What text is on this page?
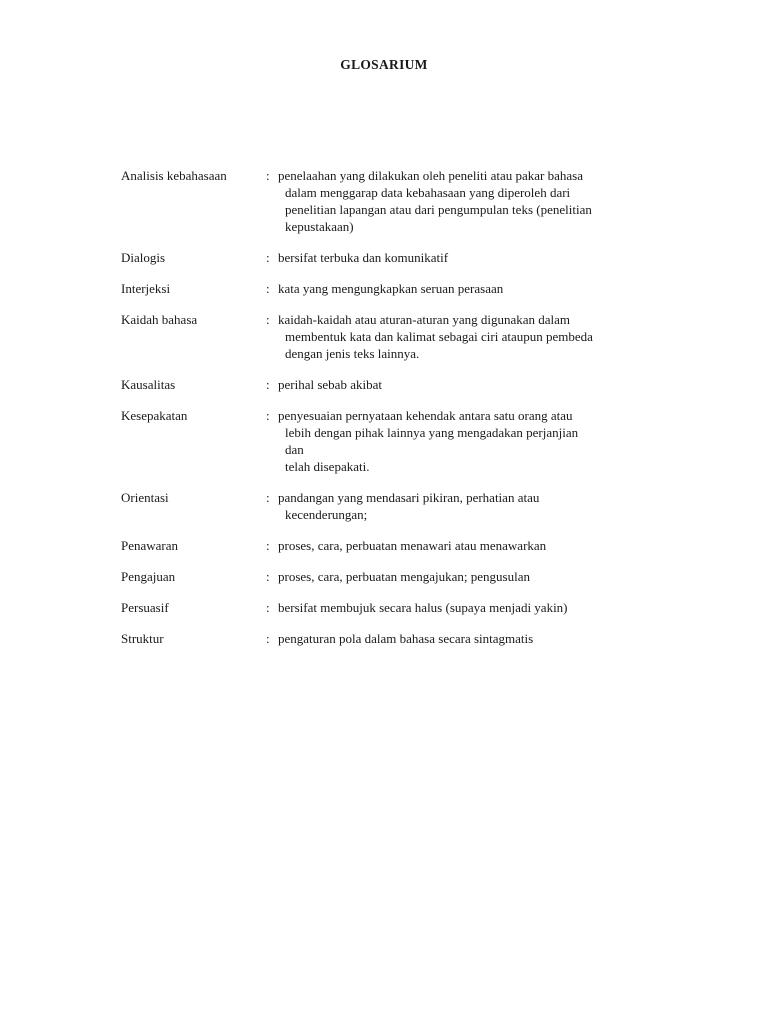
GLOSARIUM
Analisis kebahasaan	: penelaahan yang dilakukan oleh peneliti atau pakar bahasa
dalam menggarap data kebahasaan yang diperoleh dari
penelitian lapangan atau dari pengumpulan teks (penelitian
kepustakaan)
Dialogis	: bersifat terbuka dan komunikatif
Interjeksi	: kata yang mengungkapkan seruan perasaan
Kaidah bahasa	: kaidah-kaidah atau aturan-aturan yang digunakan dalam
membentuk kata dan kalimat sebagai ciri ataupun pembeda
dengan jenis teks lainnya.
Kausalitas	: perihal sebab akibat
Kesepakatan	: penyesuaian pernyataan kehendak antara satu orang atau
lebih dengan pihak lainnya yang mengadakan perjanjian
dan
telah disepakati.
Orientasi	: pandangan yang mendasari pikiran, perhatian atau
kecenderungan;
Penawaran	: proses, cara, perbuatan menawari atau menawarkan
Pengajuan	: proses, cara, perbuatan mengajukan; pengusulan
Persuasif	: bersifat membujuk secara halus (supaya menjadi yakin)
Struktur	: pengaturan pola dalam bahasa secara sintagmatis
